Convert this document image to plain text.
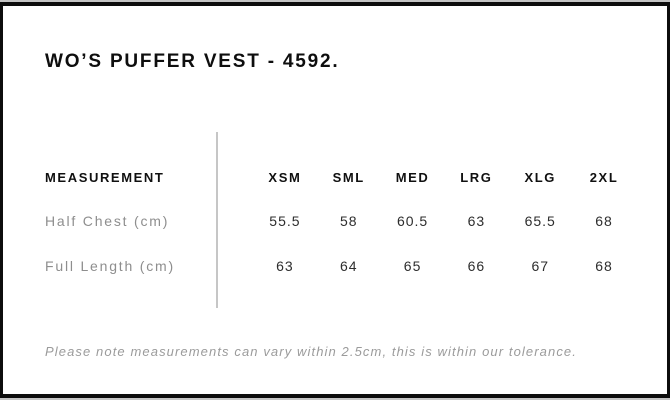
WO’S PUFFER VEST - 4592.
MEASUREMENT	XSM	SML	MED	LRG	XLG	2XL
Half Chest (cm)	55.5	58	60.5	63	65.5	68
Full Length (cm)	63	64	65	66	67	68
Please note measurements can vary within 2.5cm, this is within our tolerance.
